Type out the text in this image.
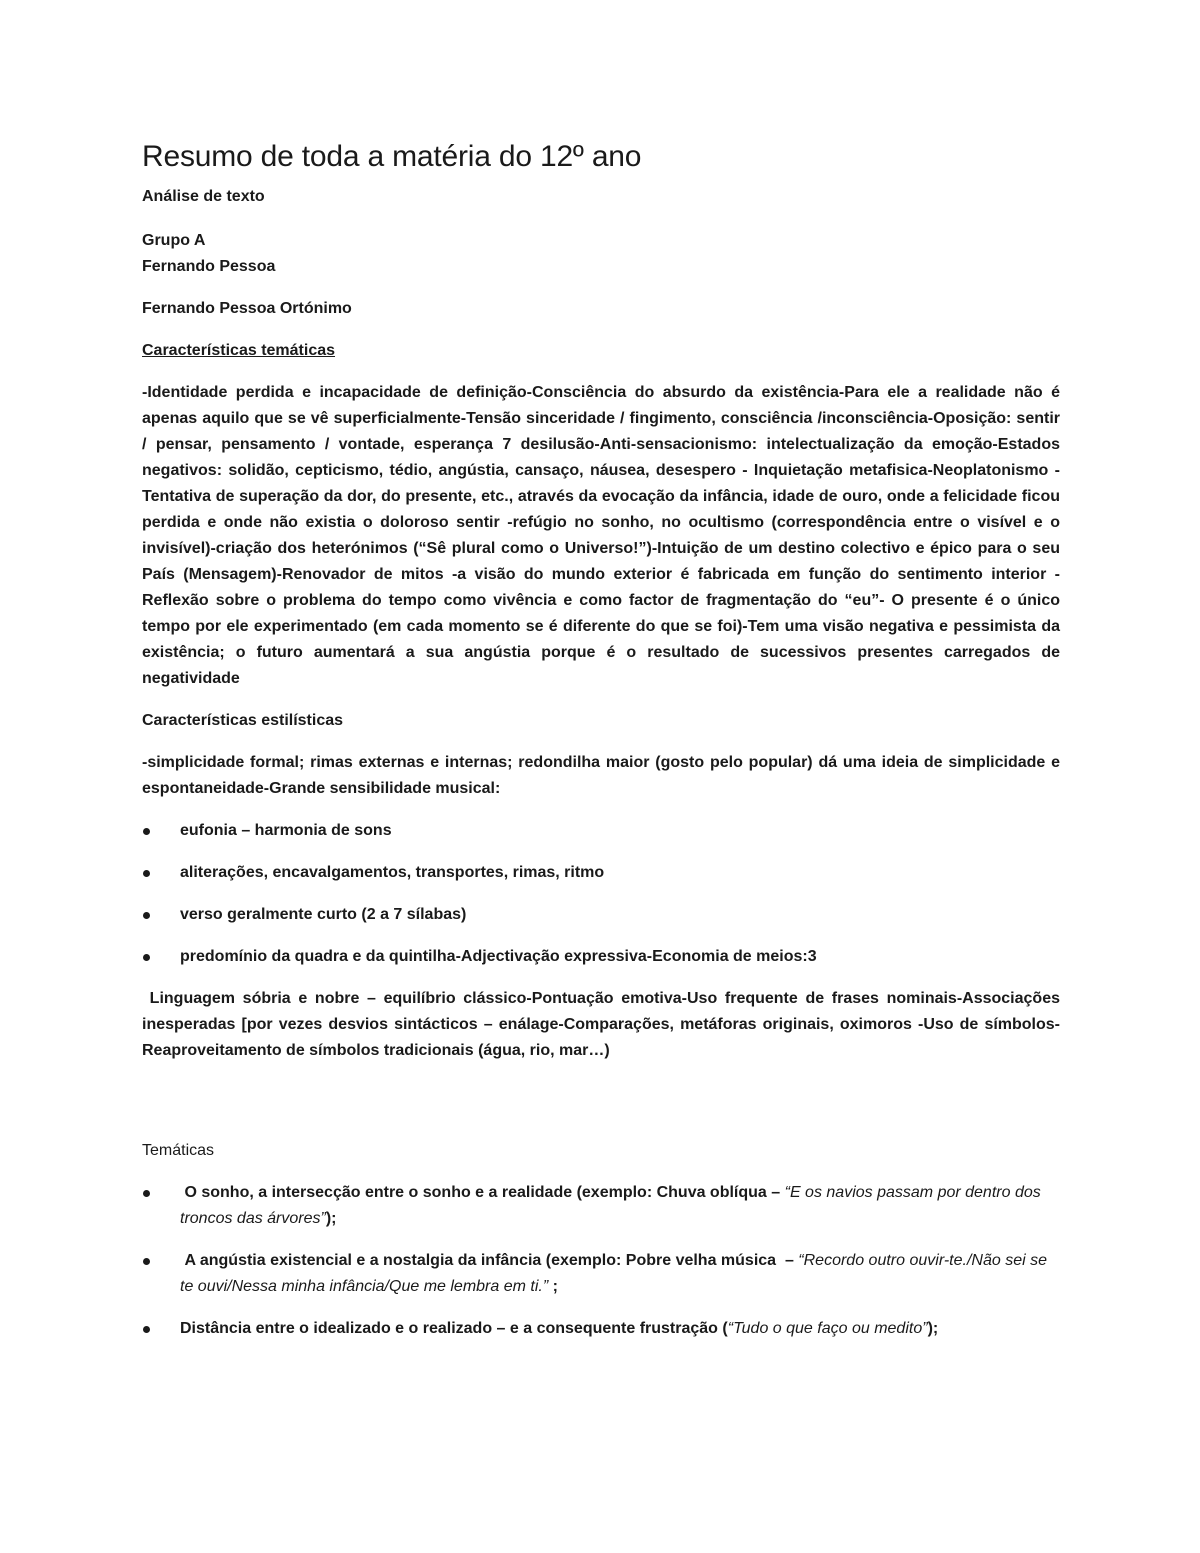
Resumo de toda a matéria do 12º ano

Análise de texto

Grupo A

Fernando Pessoa

Fernando Pessoa Ortónimo

Características temáticas

-Identidade perdida e incapacidade de definição-Consciência do absurdo da existência-Para ele a realidade não é apenas aquilo que se vê superficialmente-Tensão sinceridade / fingimento, consciência /inconsciência-Oposição: sentir / pensar, pensamento / vontade, esperança 7 desilusão-Anti-sensacionismo: intelectualização da emoção-Estados negativos: solidão, cepticismo, tédio, angústia, cansaço, náusea, desespero - Inquietação metafisica-Neoplatonismo - Tentativa de superação da dor, do presente, etc., através da evocação da infância, idade de ouro, onde a felicidade ficou perdida e onde não existia o doloroso sentir -refúgio no sonho, no ocultismo (correspondência entre o visível e o invisível)-criação dos heterónimos (“Sê plural como o Universo!”)-Intuição de um destino colectivo e épico para o seu País (Mensagem)-Renovador de mitos -a visão do mundo exterior é fabricada em função do sentimento interior -Reflexão sobre o problema do tempo como vivência e como factor de fragmentação do “eu”- O presente é o único tempo por ele experimentado (em cada momento se é diferente do que se foi)-Tem uma visão negativa e pessimista da existência; o futuro aumentará a sua angústia porque é o resultado de sucessivos presentes carregados de negatividade

Características estilísticas

-simplicidade formal; rimas externas e internas; redondilha maior (gosto pelo popular) dá uma ideia de simplicidade e espontaneidade-Grande sensibilidade musical:

eufonia – harmonia de sons
aliterações, encavalgamentos, transportes, rimas, ritmo
verso geralmente curto (2 a 7 sílabas)
predomínio da quadra e da quintilha-Adjectivação expressiva-Economia de meios:3

Linguagem sóbria e nobre – equilíbrio clássico-Pontuação emotiva-Uso frequente de frases nominais-Associações inesperadas [por vezes desvios sintácticos – enálage-Comparações, metáforas originais, oximoros -Uso de símbolos-Reaproveitamento de símbolos tradicionais (água, rio, mar…)

Temáticas

O sonho, a intersecção entre o sonho e a realidade (exemplo: Chuva oblíqua – “E os navios passam por dentro dos troncos das árvores”);
A angústia existencial e a nostalgia da infância (exemplo: Pobre velha música  – “Recordo outro ouvir-te./Não sei se te ouvi/Nessa minha infância/Que me lembra em ti.” ;
Distância entre o idealizado e o realizado – e a consequente frustração (“Tudo o que faço ou medito”);
